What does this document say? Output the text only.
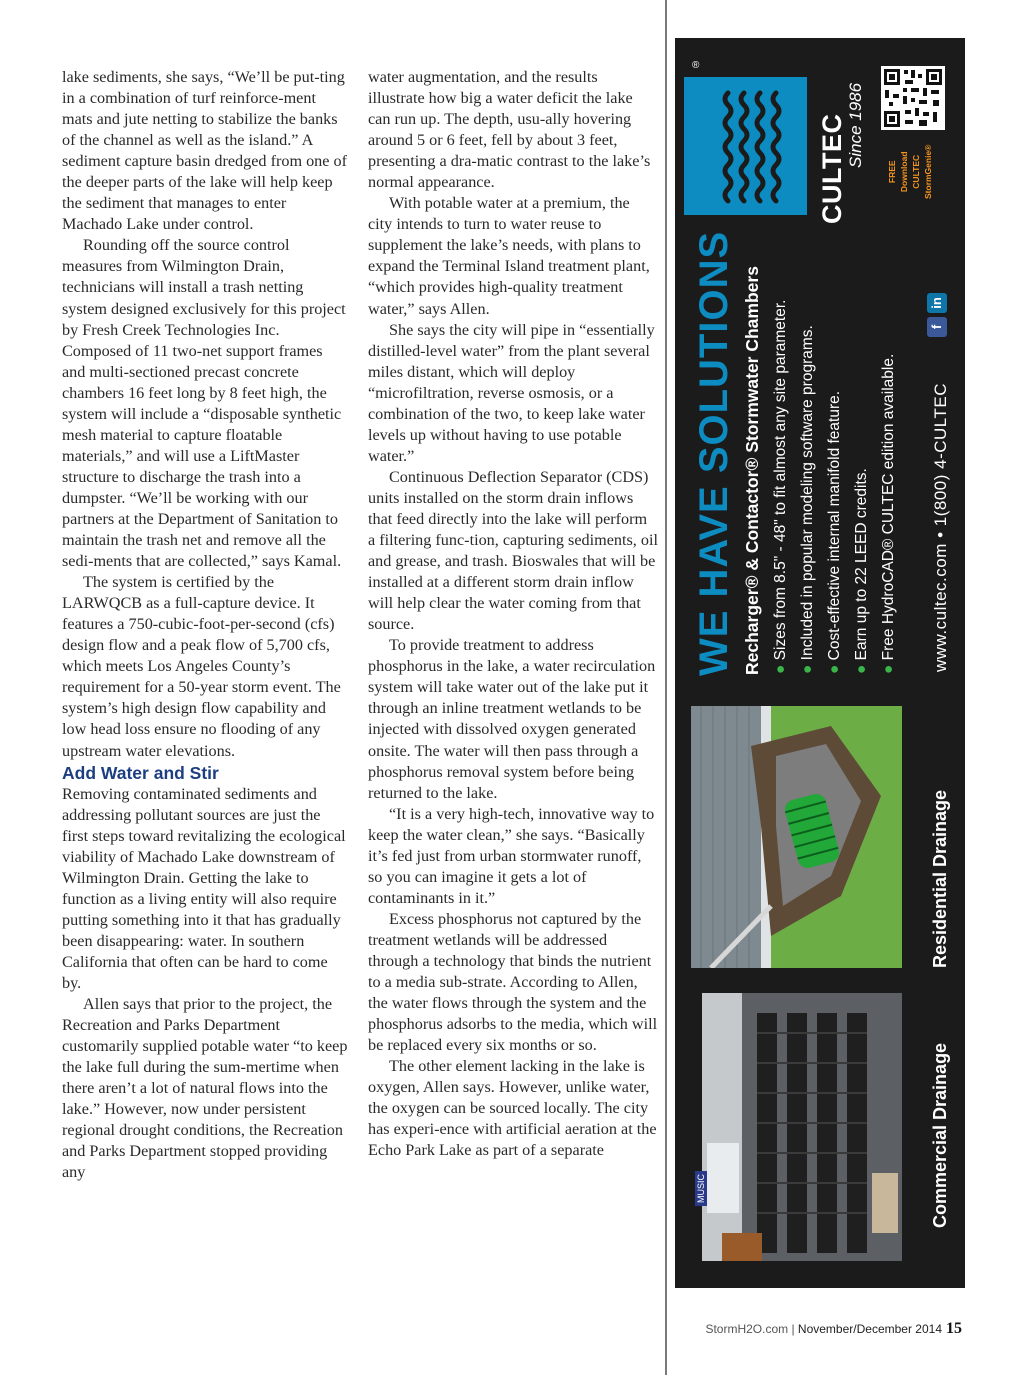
lake sediments, she says, “We’ll be put-ting in a combination of turf reinforce-ment mats and jute netting to stabilize the banks of the channel as well as the island.” A sediment capture basin dredged from one of the deeper parts of the lake will help keep the sediment that manages to enter Machado Lake under control.

Rounding off the source control measures from Wilmington Drain, technicians will install a trash netting system designed exclusively for this project by Fresh Creek Technologies Inc. Composed of 11 two-net support frames and multi-sectioned precast concrete chambers 16 feet long by 8 feet high, the system will include a “disposable synthetic mesh material to capture floatable materials,” and will use a LiftMaster structure to discharge the trash into a dumpster. “We’ll be working with our partners at the Department of Sanitation to maintain the trash net and remove all the sedi-ments that are collected,” says Kamal.

The system is certified by the LARWQCB as a full-capture device. It features a 750-cubic-foot-per-second (cfs) design flow and a peak flow of 5,700 cfs, which meets Los Angeles County’s requirement for a 50-year storm event. The system’s high design flow capability and low head loss ensure no flooding of any upstream water elevations.

Add Water and Stir

Removing contaminated sediments and addressing pollutant sources are just the first steps toward revitalizing the ecological viability of Machado Lake downstream of Wilmington Drain. Getting the lake to function as a living entity will also require putting something into it that has gradually been disappearing: water. In southern California that often can be hard to come by.

Allen says that prior to the project, the Recreation and Parks Department customarily supplied potable water “to keep the lake full during the sum-mertime when there aren’t a lot of natural flows into the lake.” However, now under persistent regional drought conditions, the Recreation and Parks Department stopped providing any

water augmentation, and the results illustrate how big a water deficit the lake can run up. The depth, usu-ally hovering around 5 or 6 feet, fell by about 3 feet, presenting a dra-matic contrast to the lake’s normal appearance.

With potable water at a premium, the city intends to turn to water reuse to supplement the lake’s needs, with plans to expand the Terminal Island treatment plant, “which provides high-quality treatment water,” says Allen.

She says the city will pipe in “essentially distilled-level water” from the plant several miles distant, which will deploy “microfiltration, reverse osmosis, or a combination of the two, to keep lake water levels up without having to use potable water.”

Continuous Deflection Separator (CDS) units installed on the storm drain inflows that feed directly into the lake will perform a filtering func-tion, capturing sediments, oil and grease, and trash. Bioswales that will be installed at a different storm drain inflow will help clear the water coming from that source.

To provide treatment to address phosphorus in the lake, a water recirculation system will take water out of the lake put it through an inline treatment wetlands to be injected with dissolved oxygen generated onsite. The water will then pass through a phosphorus removal system before being returned to the lake.

“It is a very high-tech, innovative way to keep the water clean,” she says. “Basically it’s fed just from urban stormwater runoff, so you can imagine it gets a lot of contaminants in it.”

Excess phosphorus not captured by the treatment wetlands will be addressed through a technology that binds the nutrient to a media sub-strate. According to Allen, the water flows through the system and the phosphorus adsorbs to the media, which will be replaced every six months or so.

The other element lacking in the lake is oxygen, Allen says. However, unlike water, the oxygen can be sourced locally. The city has experi-ence with artificial aeration at the Echo Park Lake as part of a separate

®
CULTEC Since 1986
FREE Download CULTEC StormGenie®
WE HAVE SOLUTIONS Recharger® & Contactor® Stormwater Chambers ● Sizes from 8.5" - 48" to fit almost any site parameter.
● Included in popular modeling software programs.
● Cost-effective internal manifold feature.
● Earn up to 22 LEED credits.
● Free HydroCAD® CULTEC edition available. www.cultec.com • 1(800) 4-CULTEC
fin
Residential Drainage
MUSIC	Commercial Drainage
StormH2O.com | November/December 2014 15
